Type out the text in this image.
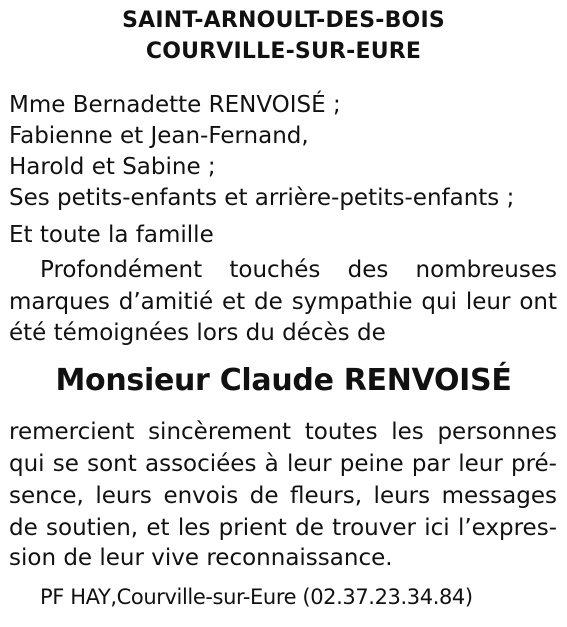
SAINT-ARNOULT-DES-BOIS
COURVILLE-SUR-EURE
Mme Bernadette RENVOISÉ ;
Fabienne et Jean-Fernand,
Harold et Sabine ;
Ses petits-enfants et arrière-petits-enfants ;
Et toute la famille
Profondément touchés des nombreuses
marques d’amitié et de sympathie qui leur ont
été témoignées lors du décès de
Monsieur Claude RENVOISÉ
remercient sincèrement toutes les personnes
qui se sont associées à leur peine par leur pré-
sence, leurs envois de fleurs, leurs messages
de soutien, et les prient de trouver ici l’expres-
sion de leur vive reconnaissance.
PF HAY,Courville-sur-Eure (02.37.23.34.84)
